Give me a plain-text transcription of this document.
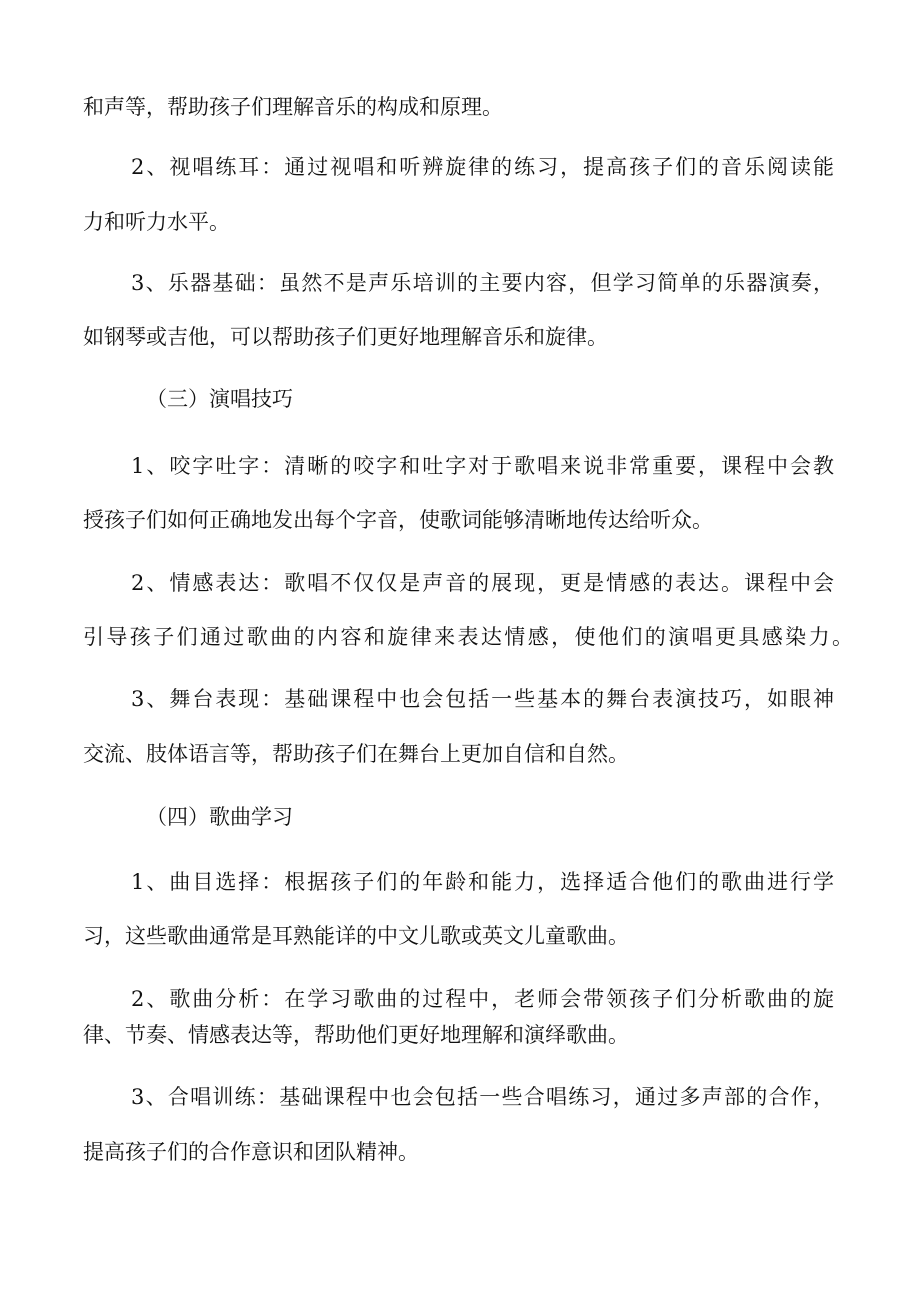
和声等，帮助孩子们理解音乐的构成和原理。
2、视唱练耳：通过视唱和听辨旋律的练习，提高孩子们的音乐阅读能
力和听力水平。
3、乐器基础：虽然不是声乐培训的主要内容，但学习简单的乐器演奏，
如钢琴或吉他，可以帮助孩子们更好地理解音乐和旋律。
（三）演唱技巧
1、咬字吐字：清晰的咬字和吐字对于歌唱来说非常重要，课程中会教
授孩子们如何正确地发出每个字音，使歌词能够清晰地传达给听众。
2、情感表达：歌唱不仅仅是声音的展现，更是情感的表达。课程中会
引导孩子们通过歌曲的内容和旋律来表达情感，使他们的演唱更具感染力。
3、舞台表现：基础课程中也会包括一些基本的舞台表演技巧，如眼神
交流、肢体语言等，帮助孩子们在舞台上更加自信和自然。
（四）歌曲学习
1、曲目选择：根据孩子们的年龄和能力，选择适合他们的歌曲进行学
习，这些歌曲通常是耳熟能详的中文儿歌或英文儿童歌曲。
2、歌曲分析：在学习歌曲的过程中，老师会带领孩子们分析歌曲的旋
律、节奏、情感表达等，帮助他们更好地理解和演绎歌曲。
3、合唱训练：基础课程中也会包括一些合唱练习，通过多声部的合作，
提高孩子们的合作意识和团队精神。
